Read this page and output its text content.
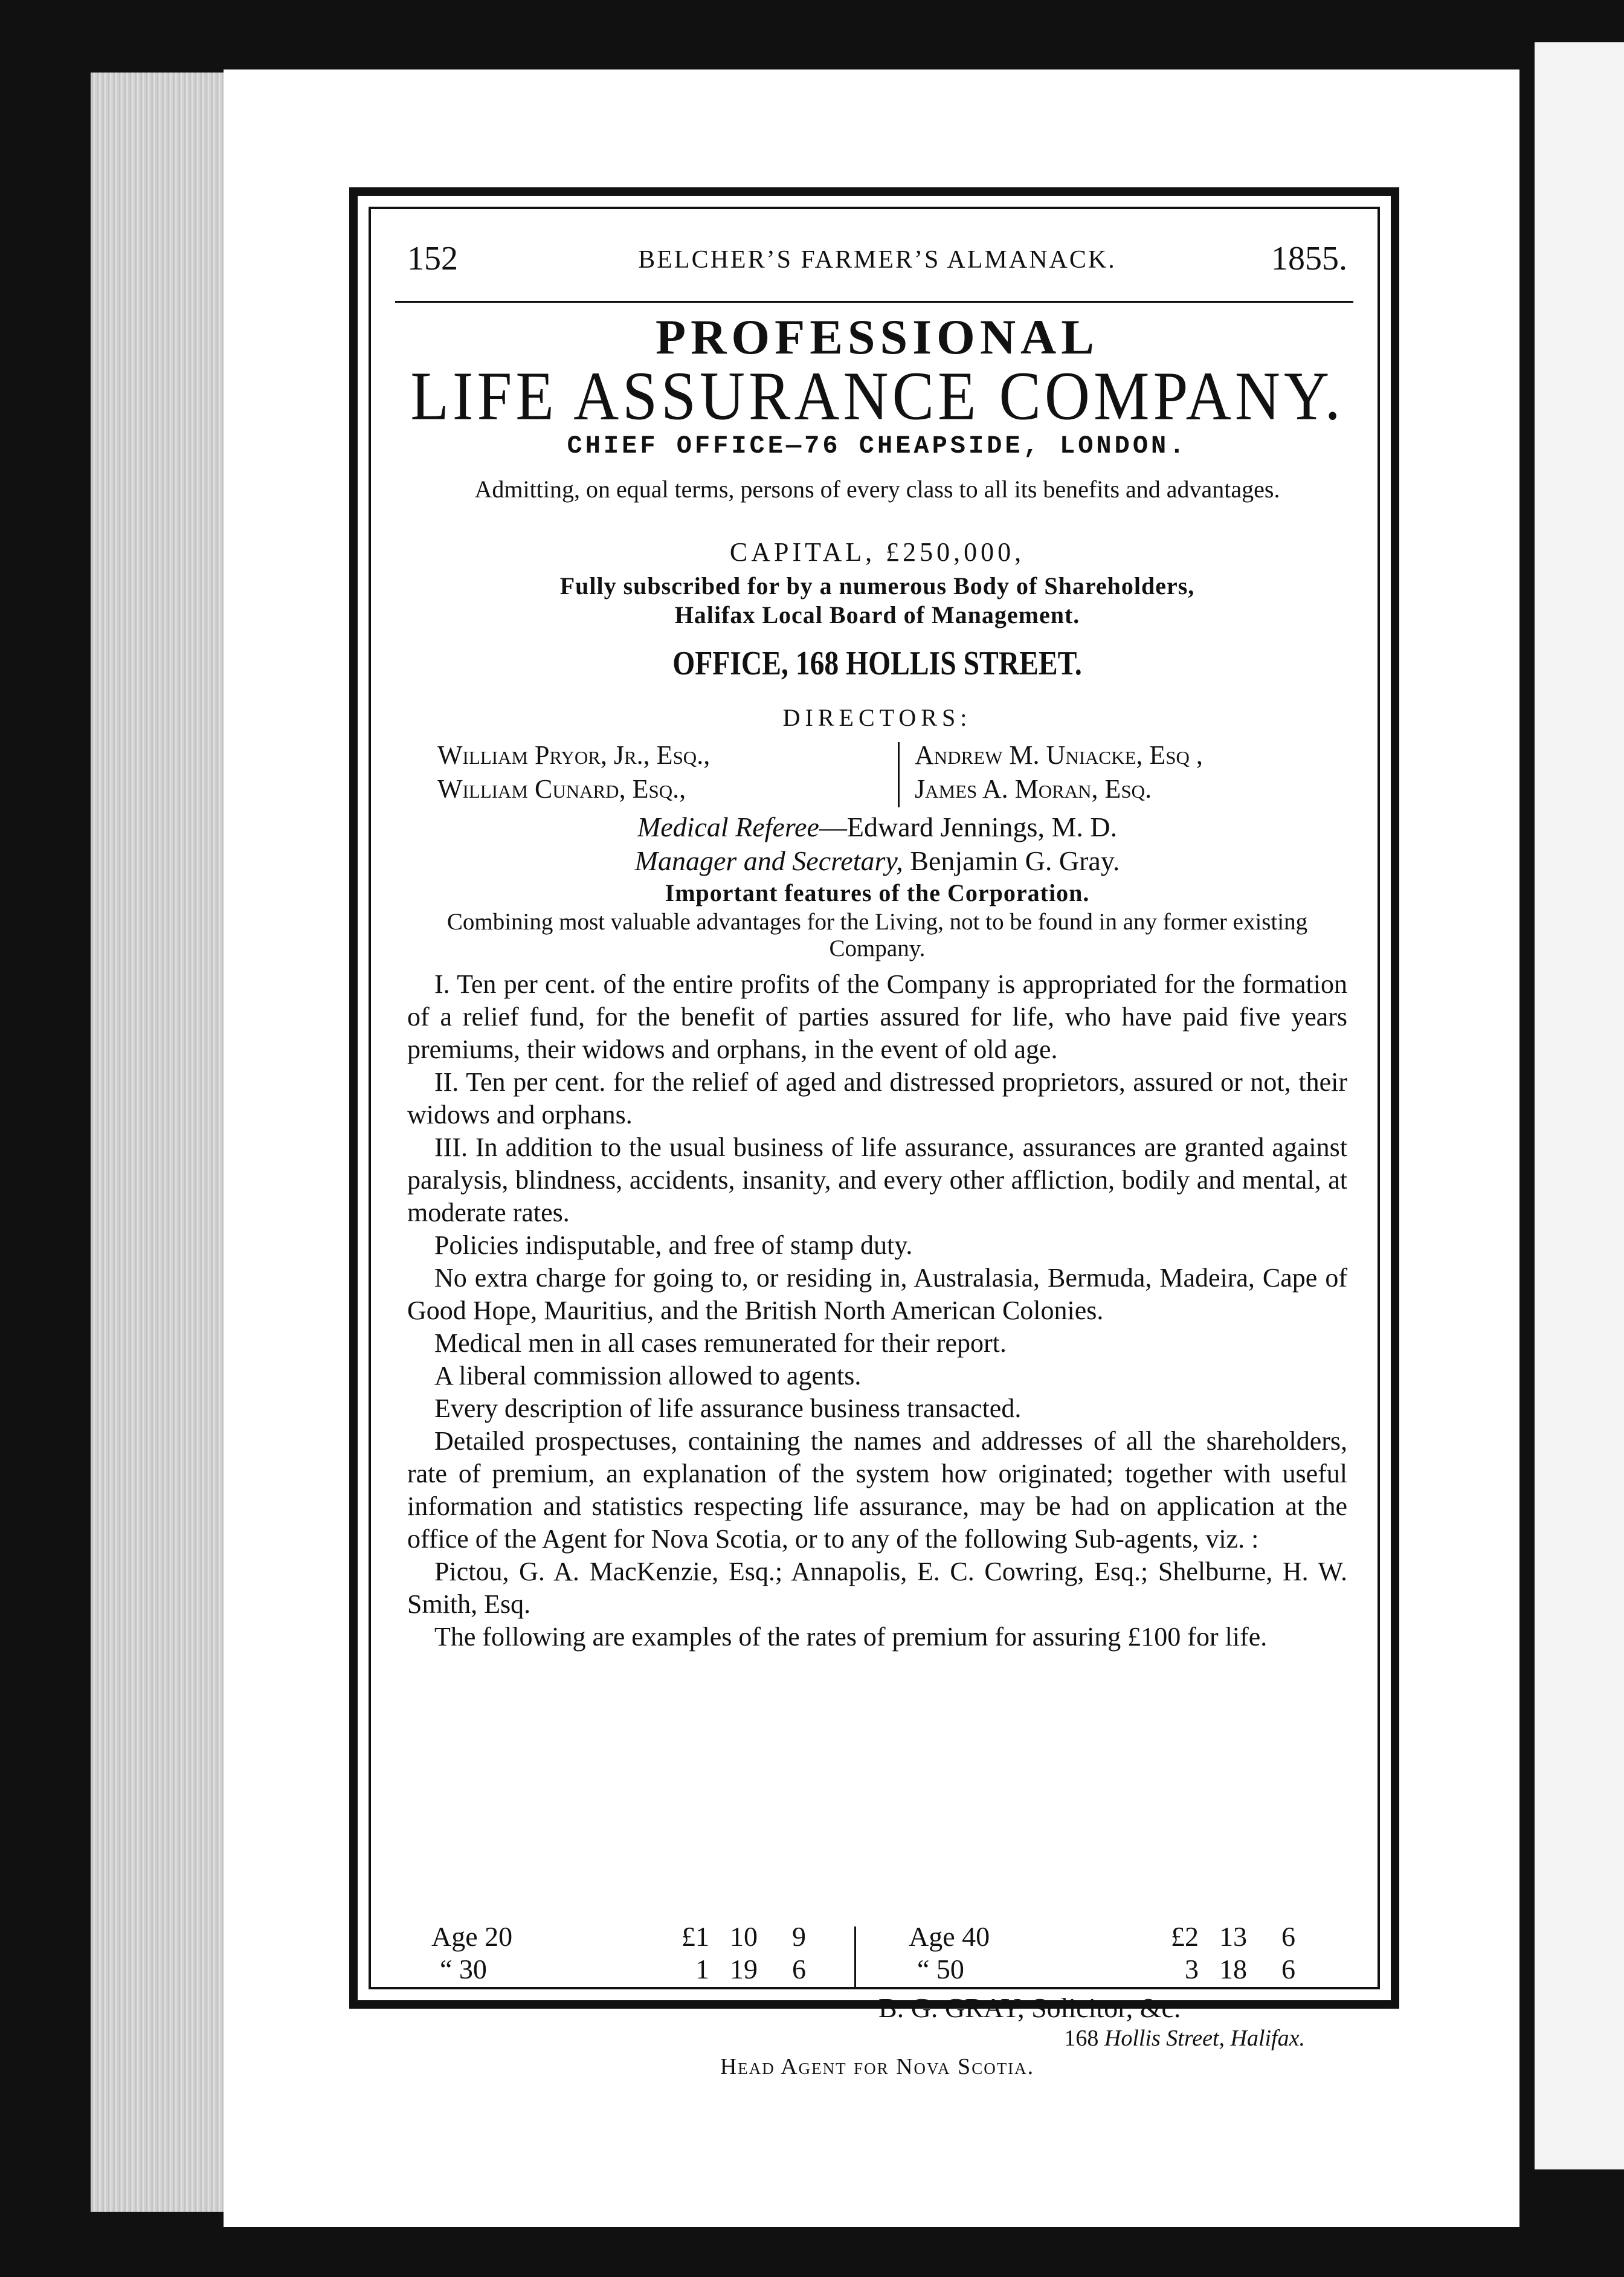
152	BELCHER’S FARMER’S ALMANACK.	1855.
PROFESSIONAL
LIFE ASSURANCE COMPANY.
CHIEF OFFICE—76 CHEAPSIDE, LONDON.
Admitting, on equal terms, persons of every class to all its benefits and advantages.
CAPITAL, £250,000,
Fully subscribed for by a numerous Body of Shareholders,
Halifax Local Board of Management.
OFFICE, 168 HOLLIS STREET.
DIRECTORS:
William Pryor, Jr., Esq.,
William Cunard, Esq.,
Andrew M. Uniacke, Esq ,
James A. Moran, Esq.
Medical Referee—Edward Jennings, M. D.
Manager and Secretary, Benjamin G. Gray.
Important features of the Corporation.
Combining most valuable advantages for the Living, not to be found in any former existing Company.

I. Ten per cent. of the entire profits of the Company is appropriated for the formation of a relief fund, for the benefit of parties assured for life, who have paid five years premiums, their widows and orphans, in the event of old age.

II. Ten per cent. for the relief of aged and distressed proprietors, assured or not, their widows and orphans.

III. In addition to the usual business of life assurance, assurances are granted against paralysis, blindness, accidents, insanity, and every other affliction, bodily and mental, at moderate rates.

Policies indisputable, and free of stamp duty.

No extra charge for going to, or residing in, Australasia, Bermuda, Madeira, Cape of Good Hope, Mauritius, and the British North American Colonies.

Medical men in all cases remunerated for their report.

A liberal commission allowed to agents.

Every description of life assurance business transacted.

Detailed prospectuses, containing the names and addresses of all the shareholders, rate of premium, an explanation of the system how originated; together with useful information and statistics respecting life assurance, may be had on application at the office of the Agent for Nova Scotia, or to any of the following Sub-agents, viz. :

Pictou, G. A. MacKenzie, Esq.; Annapolis, E. C. Cowring, Esq.; Shelburne, H. W. Smith, Esq.

The following are examples of the rates of premium for assuring £100 for life.

Age 20
“ 30
£1
1
10
19
9
6
Age 40
“ 50
£2
3
13
18
6
6
B. G. GRAY, Solicitor, &c.
168 Hollis Street, Halifax.
Head Agent for Nova Scotia.
